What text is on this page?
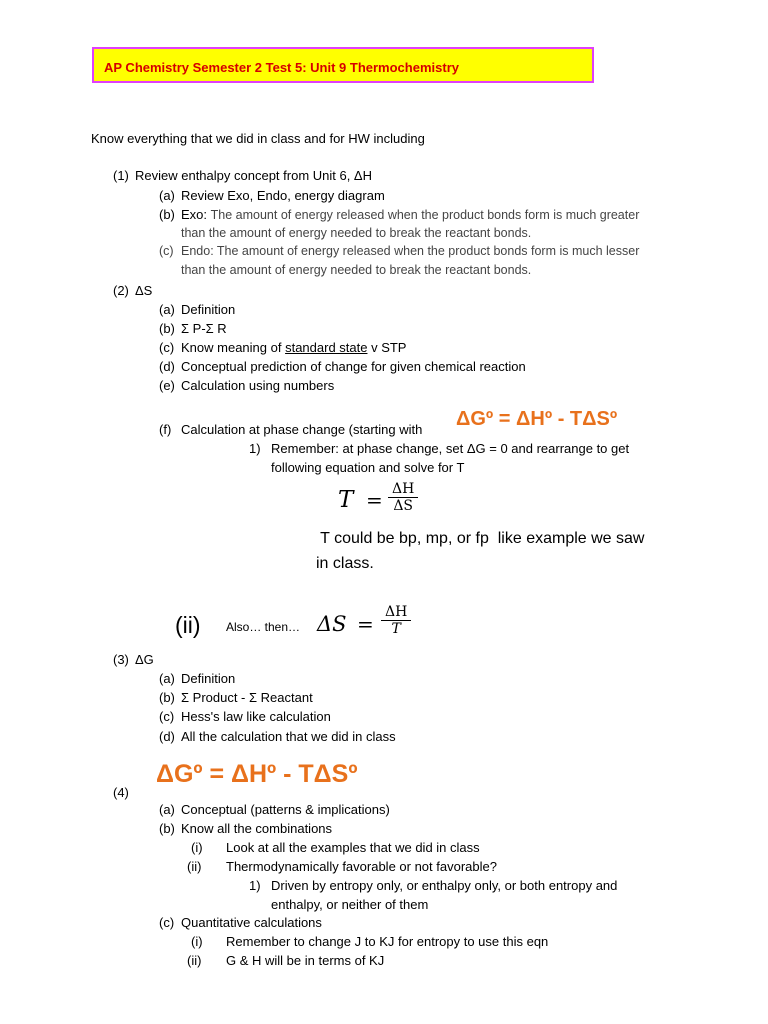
AP Chemistry Semester 2 Test 5: Unit 9 Thermochemistry
Know everything that we did in class and for HW including
(1) Review enthalpy concept from Unit 6, ΔH
(a) Review Exo, Endo, energy diagram
(b) Exo: The amount of energy released when the product bonds form is much greater
than the amount of energy needed to break the reactant bonds.
(c) Endo: The amount of energy released when the product bonds form is much lesser
than the amount of energy needed to break the reactant bonds.
(2) ΔS
(a) Definition
(b) Σ P-Σ R
(c) Know meaning of standard state v STP
(d) Conceptual prediction of change for given chemical reaction
(e) Calculation using numbers
(f) Calculation at phase change (starting with ΔGº = ΔHº - TΔSº
1) Remember: at phase change, set ΔG = 0 and rearrange to get
following equation and solve for T
T = ΔH
ΔS
T could be bp, mp, or fp  like example we saw
in class.
(ii) Also… then… ΔS = ΔH
T
(3) ΔG
(a) Definition
(b) Σ Product - Σ Reactant
(c) Hess's law like calculation
(d) All the calculation that we did in class
(4)
ΔGº = ΔHº - TΔSº
(a) Conceptual (patterns & implications)
(b) Know all the combinations
(i) Look at all the examples that we did in class
(ii) Thermodynamically favorable or not favorable?
1) Driven by entropy only, or enthalpy only, or both entropy and
enthalpy, or neither of them
(c) Quantitative calculations
(i) Remember to change J to KJ for entropy to use this eqn
(ii) G & H will be in terms of KJ
